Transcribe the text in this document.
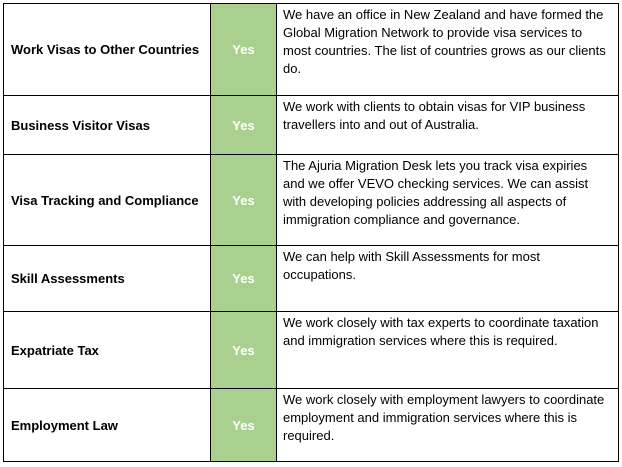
Work Visas to Other Countries	Yes	We have an office in New Zealand and have formed the Global Migration Network to provide visa services to most countries. The list of countries grows as our clients do.

Business Visitor Visas	Yes	We work with clients to obtain visas for VIP business travellers into and out of Australia.

Visa Tracking and Compliance	Yes	The Ajuria Migration Desk lets you track visa expiries and we offer VEVO checking services. We can assist with developing policies addressing all aspects of immigration compliance and governance.

Skill Assessments	Yes	We can help with Skill Assessments for most occupations.

Expatriate Tax	Yes	We work closely with tax experts to coordinate taxation and immigration services where this is required.

Employment Law	Yes	We work closely with employment lawyers to coordinate employment and immigration services where this is required.
